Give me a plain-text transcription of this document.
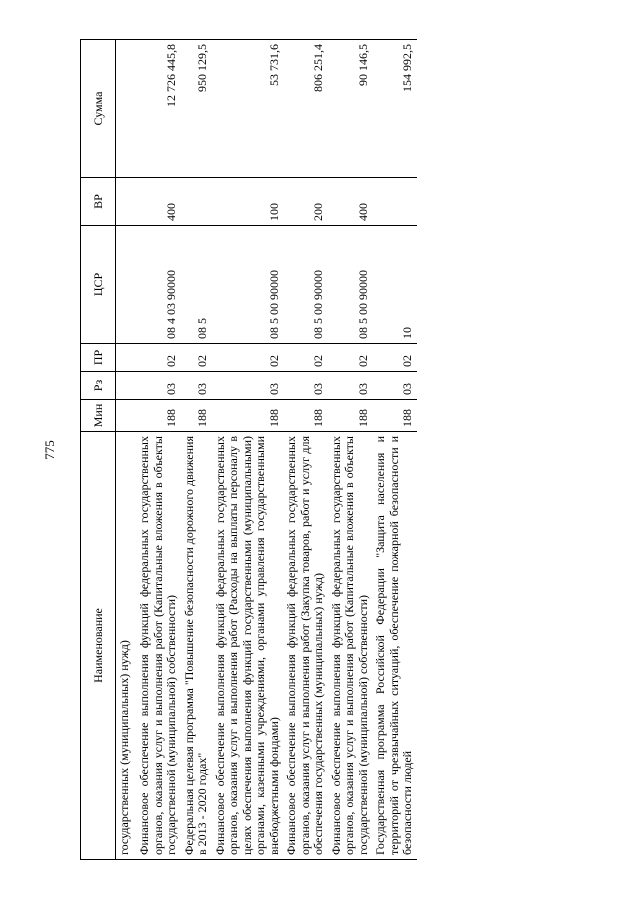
775
Наименование	Мин	Рз	ПР	ЦСР	ВР	Сумма
государственных (муниципальных) нужд)						
Финансовое обеспечение выполнения функций федеральных государственных органов, оказания услуг и выполнения работ (Капитальные вложения в объекты государственной (муниципальной) собственности)	188	03	02	08 4 03 90000	400	12 726 445,8
Федеральная целевая программа "Повышение безопасности дорожного движения в 2013 - 2020 годах"	188	03	02	08 5		950 129,5
Финансовое обеспечение выполнения функций федеральных государственных органов, оказания услуг и выполнения работ (Расходы на выплаты персоналу в целях обеспечения выполнения функций государственными (муниципальными) органами, казенными учреждениями, органами управления государственными внебюджетными фондами)	188	03	02	08 5 00 90000	100	53 731,6
Финансовое обеспечение выполнения функций федеральных государственных органов, оказания услуг и выполнения работ (Закупка товаров, работ и услуг для обеспечения государственных (муниципальных) нужд)	188	03	02	08 5 00 90000	200	806 251,4
Финансовое обеспечение выполнения функций федеральных государственных органов, оказания услуг и выполнения работ (Капитальные вложения в объекты государственной (муниципальной) собственности)	188	03	02	08 5 00 90000	400	90 146,5
Государственная программа Российской Федерации "Защита населения и территорий от чрезвычайных ситуаций, обеспечение пожарной безопасности и безопасности людей	188	03	02	10		154 992,5
